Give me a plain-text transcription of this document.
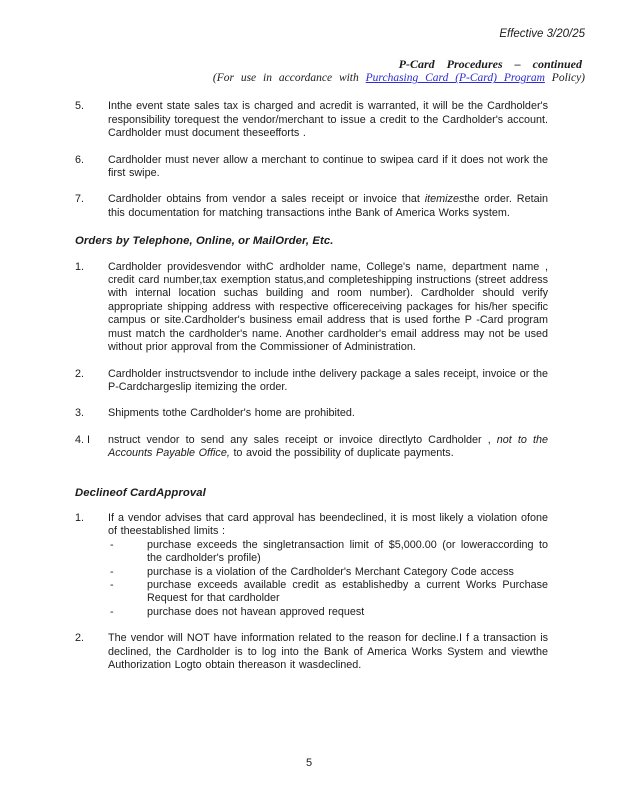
Effective 3/20/25
P-Card Procedures – continued
(For use in accordance with Purchasing Card (P-Card) Program Policy)
5.	Inthe event state sales tax is charged and acredit is warranted, it will be the Cardholder's responsibility torequest the vendor/merchant to issue a credit to the Cardholder's account. Cardholder must document theseefforts .
6.	Cardholder must never allow a merchant to continue to swipea card if it does not work the first swipe.
7.	Cardholder obtains from vendor a sales receipt or invoice that itemizesthe order. Retain this documentation for matching transactions inthe Bank of America Works system.
Orders by Telephone, Online, or MailOrder, Etc.
1.	Cardholder providesvendor withC ardholder name, College's name, department name , credit card number,tax exemption status,and completeshipping instructions (street address with internal location suchas building and room number). Cardholder should verify appropriate shipping address with respective officereceiving packages for his/her specific campus or site.Cardholder's business email address that is used forthe P -Card program must match the cardholder's name. Another cardholder's email address may not be used without prior approval from the Commissioner of Administration.
2.	Cardholder instructsvendor to include inthe delivery package a sales receipt, invoice or the P-Cardchargeslip itemizing the order.
3.	Shipments tothe Cardholder's home are prohibited.
4. I	nstruct vendor to send any sales receipt or invoice directlyto Cardholder , not to the Accounts Payable Office, to avoid the possibility of duplicate payments.
Declineof CardApproval
1.	If a vendor advises that card approval has beendeclined, it is most likely a violation ofone of theestablished limits :
-	purchase exceeds the singletransaction limit of $5,000.00 (or loweraccording to the cardholder's profile)
-	purchase is a violation of the Cardholder's Merchant Category Code access
-	purchase exceeds available credit as establishedby a current Works Purchase Request for that cardholder
-	purchase does not havean approved request
2.	The vendor will NOT have information related to the reason for decline.I f a transaction is declined, the Cardholder is to log into the Bank of America Works System and viewthe Authorization Logto obtain thereason it wasdeclined.
5
